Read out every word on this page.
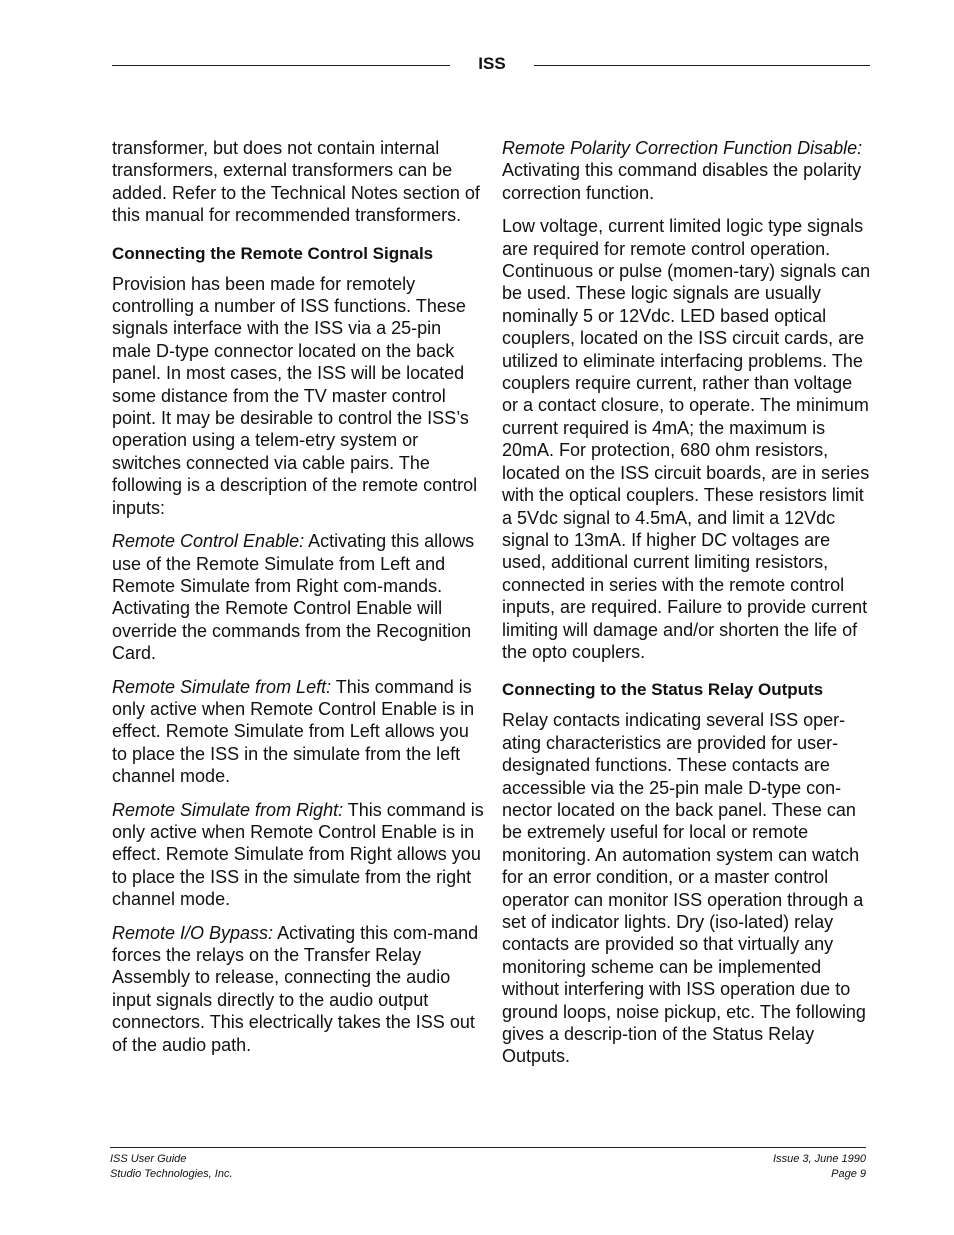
ISS

transformer, but does not contain internal transformers, external transformers can be added. Refer to the Technical Notes section of this manual for recommended transformers.

Connecting the Remote Control Signals

Provision has been made for remotely controlling a number of ISS functions. These signals interface with the ISS via a 25-pin male D-type connector located on the back panel. In most cases, the ISS will be located some distance from the TV master control point. It may be desirable to control the ISS’s operation using a telem-etry system or switches connected via cable pairs. The following is a description of the remote control inputs:

Remote Control Enable: Activating this allows use of the Remote Simulate from Left and Remote Simulate from Right com-mands. Activating the Remote Control Enable will override the commands from the Recognition Card.

Remote Simulate from Left: This command is only active when Remote Control Enable is in effect. Remote Simulate from Left allows you to place the ISS in the simulate from the left channel mode.

Remote Simulate from Right: This command is only active when Remote Control Enable is in effect. Remote Simulate from Right allows you to place the ISS in the simulate from the right channel mode.

Remote I/O Bypass: Activating this com-mand forces the relays on the Transfer Relay Assembly to release, connecting the audio input signals directly to the audio output connectors. This electrically takes the ISS out of the audio path.

Remote Polarity Correction Function Disable: Activating this command disables the polarity correction function.

Low voltage, current limited logic type signals are required for remote control operation. Continuous or pulse (momen-tary) signals can be used. These logic signals are usually nominally 5 or 12Vdc. LED based optical couplers, located on the ISS circuit cards, are utilized to eliminate interfacing problems. The couplers require current, rather than voltage or a contact closure, to operate. The minimum current required is 4mA; the maximum is 20mA. For protection, 680 ohm resistors, located on the ISS circuit boards, are in series with the optical couplers. These resistors limit a 5Vdc signal to 4.5mA, and limit a 12Vdc signal to 13mA. If higher DC voltages are used, additional current limiting resistors, connected in series with the remote control inputs, are required. Failure to provide current limiting will damage and/or shorten the life of the opto couplers.

Connecting to the Status Relay Outputs

Relay contacts indicating several ISS oper-ating characteristics are provided for user-designated functions. These contacts are accessible via the 25-pin male D-type con-nector located on the back panel. These can be extremely useful for local or remote monitoring. An automation system can watch for an error condition, or a master control operator can monitor ISS operation through a set of indicator lights. Dry (iso-lated) relay contacts are provided so that virtually any monitoring scheme can be implemented without interfering with ISS operation due to ground loops, noise pickup, etc. The following gives a descrip-tion of the Status Relay Outputs.

ISS User Guide
Studio Technologies, Inc.
Issue 3, June 1990
Page 9
